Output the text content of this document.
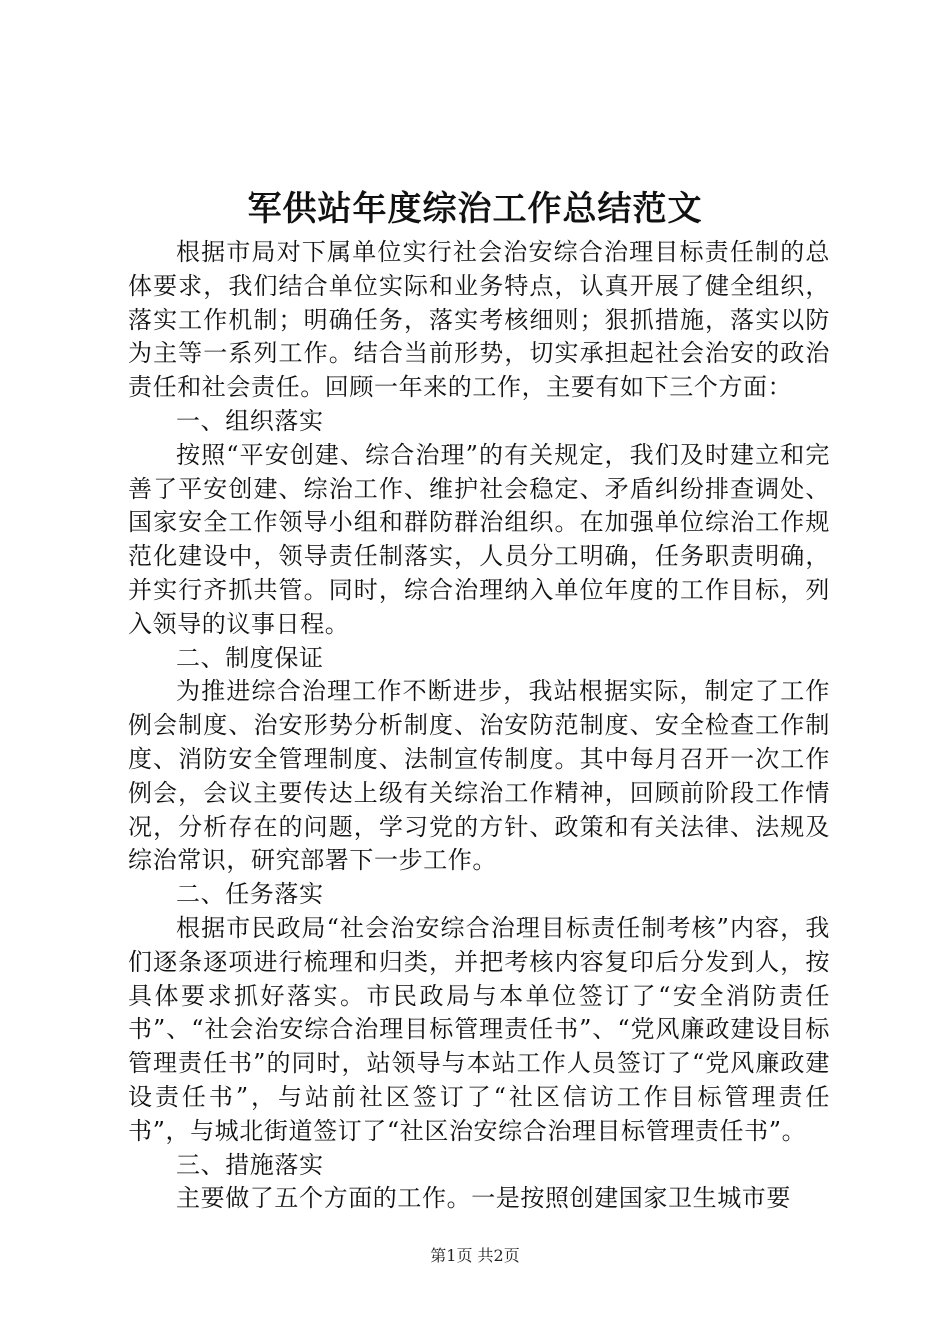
军供站年度综治工作总结范文

根据市局对下属单位实行社会治安综合治理目标责任制的总体要求，我们结合单位实际和业务特点，认真开展了健全组织，落实工作机制；明确任务，落实考核细则；狠抓措施，落实以防为主等一系列工作。结合当前形势，切实承担起社会治安的政治责任和社会责任。回顾一年来的工作，主要有如下三个方面：

一、组织落实

按照“平安创建、综合治理”的有关规定，我们及时建立和完善了平安创建、综治工作、维护社会稳定、矛盾纠纷排查调处、国家安全工作领导小组和群防群治组织。在加强单位综治工作规范化建设中，领导责任制落实，人员分工明确，任务职责明确，并实行齐抓共管。同时，综合治理纳入单位年度的工作目标，列入领导的议事日程。

二、制度保证

为推进综合治理工作不断进步，我站根据实际，制定了工作例会制度、治安形势分析制度、治安防范制度、安全检查工作制度、消防安全管理制度、法制宣传制度。其中每月召开一次工作例会，会议主要传达上级有关综治工作精神，回顾前阶段工作情况，分析存在的问题，学习党的方针、政策和有关法律、法规及综治常识，研究部署下一步工作。

二、任务落实

根据市民政局“社会治安综合治理目标责任制考核”内容，我们逐条逐项进行梳理和归类，并把考核内容复印后分发到人，按具体要求抓好落实。市民政局与本单位签订了“安全消防责任书”、“社会治安综合治理目标管理责任书”、“党风廉政建设目标管理责任书”的同时，站领导与本站工作人员签订了“党风廉政建设责任书”，与站前社区签订了“社区信访工作目标管理责任书”，与城北街道签订了“社区治安综合治理目标管理责任书”。

三、措施落实

主要做了五个方面的工作。一是按照创建国家卫生城市要

第1页 共2页
